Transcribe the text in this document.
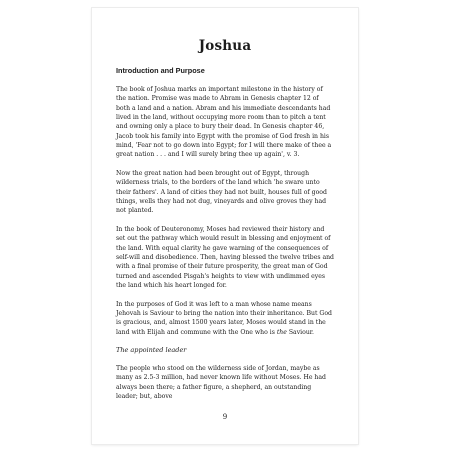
Joshua
Introduction and Purpose

The book of Joshua marks an important milestone in the history of the nation. Promise was made to Abram in Genesis chapter 12 of both a land and a nation. Abram and his immediate descendants had lived in the land, without occupying more room than to pitch a tent and owning only a place to bury their dead. In Genesis chapter 46, Jacob took his family into Egypt with the promise of God fresh in his mind, 'Fear not to go down into Egypt; for I will there make of thee a great nation . . . and I will surely bring thee up again', v. 3.

Now the great nation had been brought out of Egypt, through wilderness trials, to the borders of the land which 'he sware unto their fathers'. A land of cities they had not built, houses full of good things, wells they had not dug, vineyards and olive groves they had not planted.

In the book of Deuteronomy, Moses had reviewed their history and set out the pathway which would result in blessing and enjoyment of the land. With equal clarity he gave warning of the consequences of self-will and disobedience. Then, having blessed the twelve tribes and with a final promise of their future prosperity, the great man of God turned and ascended Pisgah's heights to view with undimmed eyes the land which his heart longed for.

In the purposes of God it was left to a man whose name means Jehovah is Saviour to bring the nation into their inheritance. But God is gracious, and, almost 1500 years later, Moses would stand in the land with Elijah and commune with the One who is the Saviour.

The appointed leader

The people who stood on the wilderness side of Jordan, maybe as many as 2.5-3 million, had never known life without Moses. He had always been there; a father figure, a shepherd, an outstanding leader; but, above

9
